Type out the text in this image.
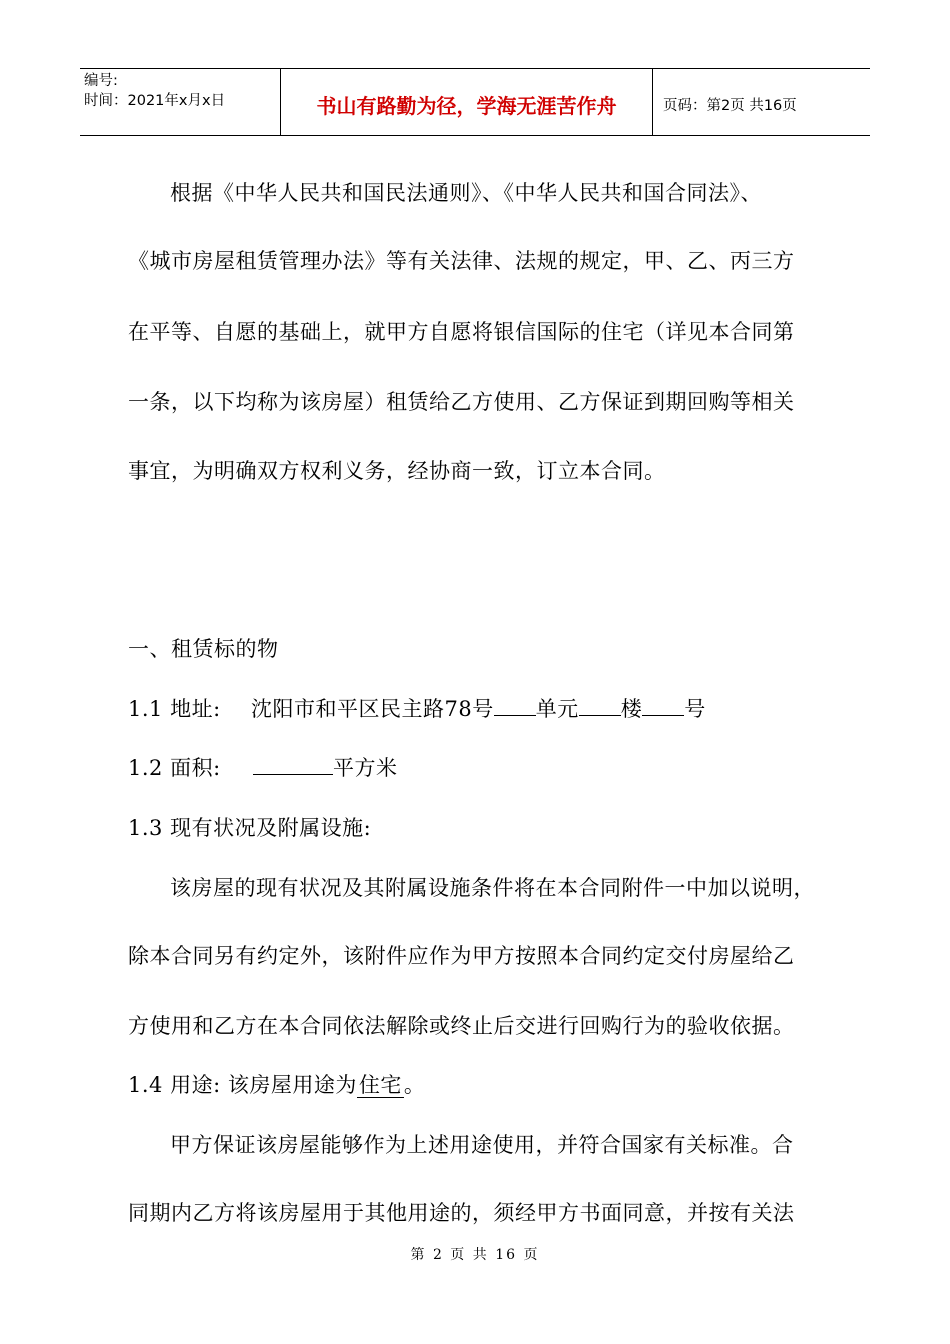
编号:
时间：2021年x月x日	书山有路勤为径，学海无涯苦作舟	页码：第2页 共16页
根据《中华人民共和国民法通则》、《中华人民共和国合同法》、
《城市房屋租赁管理办法》等有关法律、法规的规定，甲、乙、丙三方
在平等、自愿的基础上，就甲方自愿将银信国际的住宅（详见本合同第
一条，以下均称为该房屋）租赁给乙方使用、乙方保证到期回购等相关
事宜，为明确双方权利义务，经协商一致，订立本合同。
一、租赁标的物
1.1 地址: 沈阳市和平区民主路78号 单元 楼 号
1.2 面积:	平方米
1.3 现有状况及附属设施:
该房屋的现有状况及其附属设施条件将在本合同附件一中加以说明，
除本合同另有约定外，该附件应作为甲方按照本合同约定交付房屋给乙
方使用和乙方在本合同依法解除或终止后交进行回购行为的验收依据。
1.4 用途: 该房屋用途为住宅。
甲方保证该房屋能够作为上述用途使用，并符合国家有关标准。合
同期内乙方将该房屋用于其他用途的，须经甲方书面同意，并按有关法
第 2 页 共 16 页
